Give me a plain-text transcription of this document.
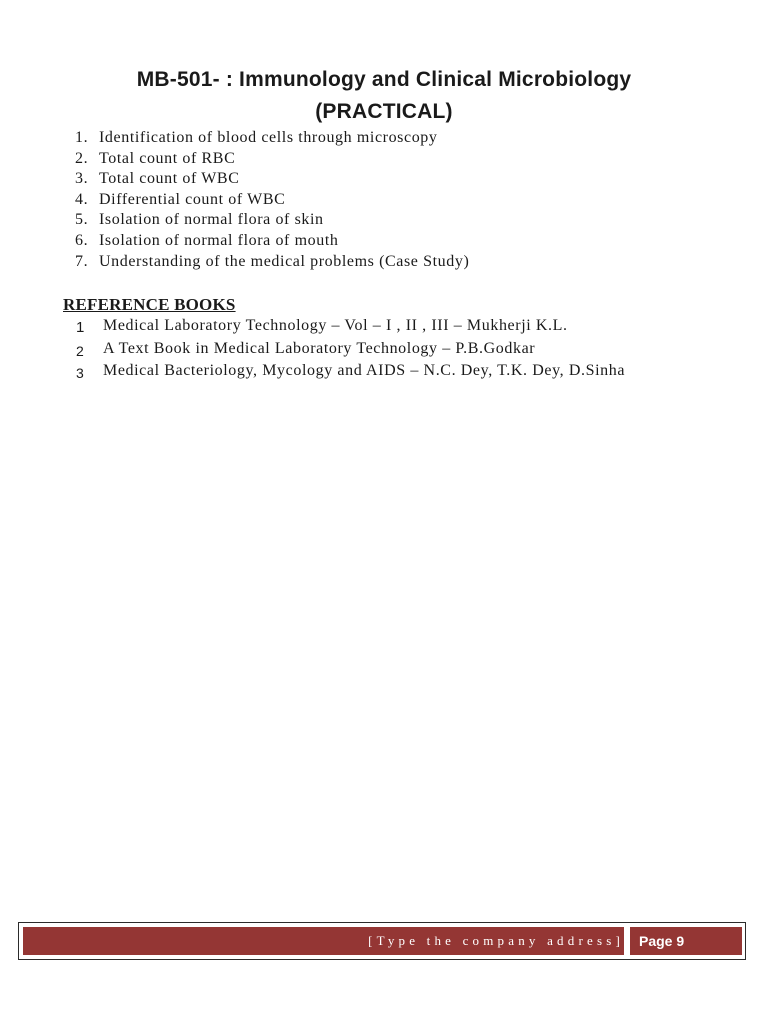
MB-501- : Immunology and Clinical Microbiology
(PRACTICAL)
1. Identification of blood cells through microscopy
2. Total count of RBC
3. Total count of WBC
4. Differential count of WBC
5. Isolation of normal flora of skin
6. Isolation of normal flora of mouth
7. Understanding of the medical problems (Case Study)
REFERENCE BOOKS
1	Medical Laboratory Technology – Vol – I , II , III – Mukherji K.L.
2	A Text Book in Medical Laboratory Technology – P.B.Godkar
3	Medical Bacteriology, Mycology and AIDS – N.C. Dey, T.K. Dey, D.Sinha
[Type the company address]	Page 9
